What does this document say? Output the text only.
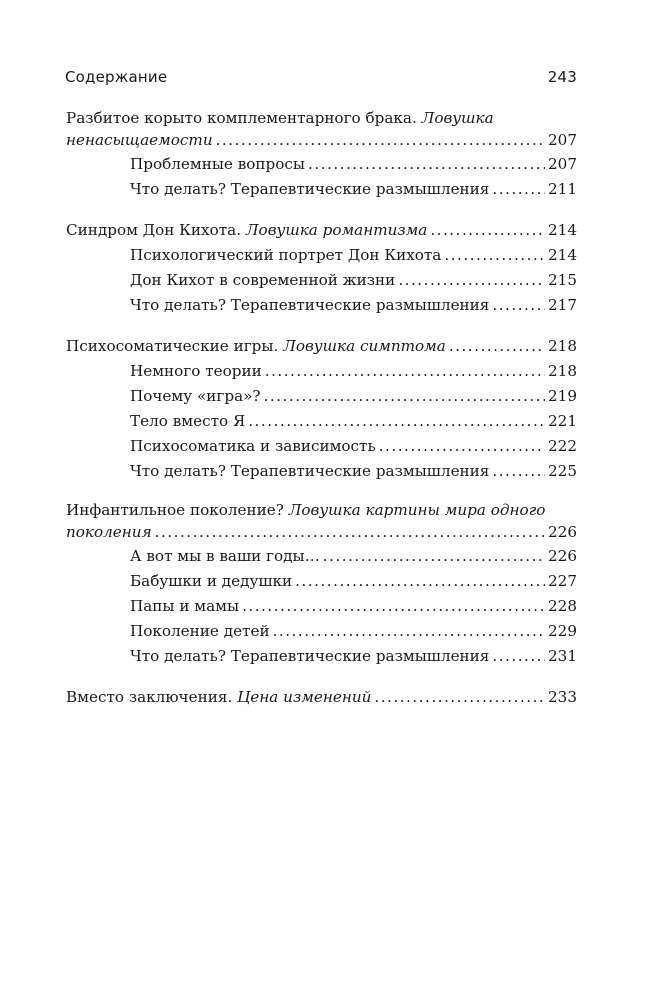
Содержание	243
Разбитое корыто комплементарного брака.
Ловушка
ненасыщаемости .....	207
Проблемные вопросы .....	207
Что делать? Терапевтические размышления .....	211
Синдром Дон Кихота.
Ловушка романтизма .....	214
Психологический портрет Дон Кихота .....	214
Дон Кихот в современной жизни .....	215
Что делать? Терапевтические размышления .....	217
Психосоматические игры.
Ловушка симптома .....	218
Немного теории .....	218
Почему «игра»? .....	219
Тело вместо Я .....	221
Психосоматика и зависимость .....	222
Что делать? Терапевтические размышления .....	225
Инфантильное поколение?
Ловушка картины мира одного
поколения .....	226
А вот мы в ваши годы… .....	226
Бабушки и дедушки .....	227
Папы и мамы .....	228
Поколение детей .....	229
Что делать? Терапевтические размышления .....	231
Вместо заключения.
Цена изменений .....	233
